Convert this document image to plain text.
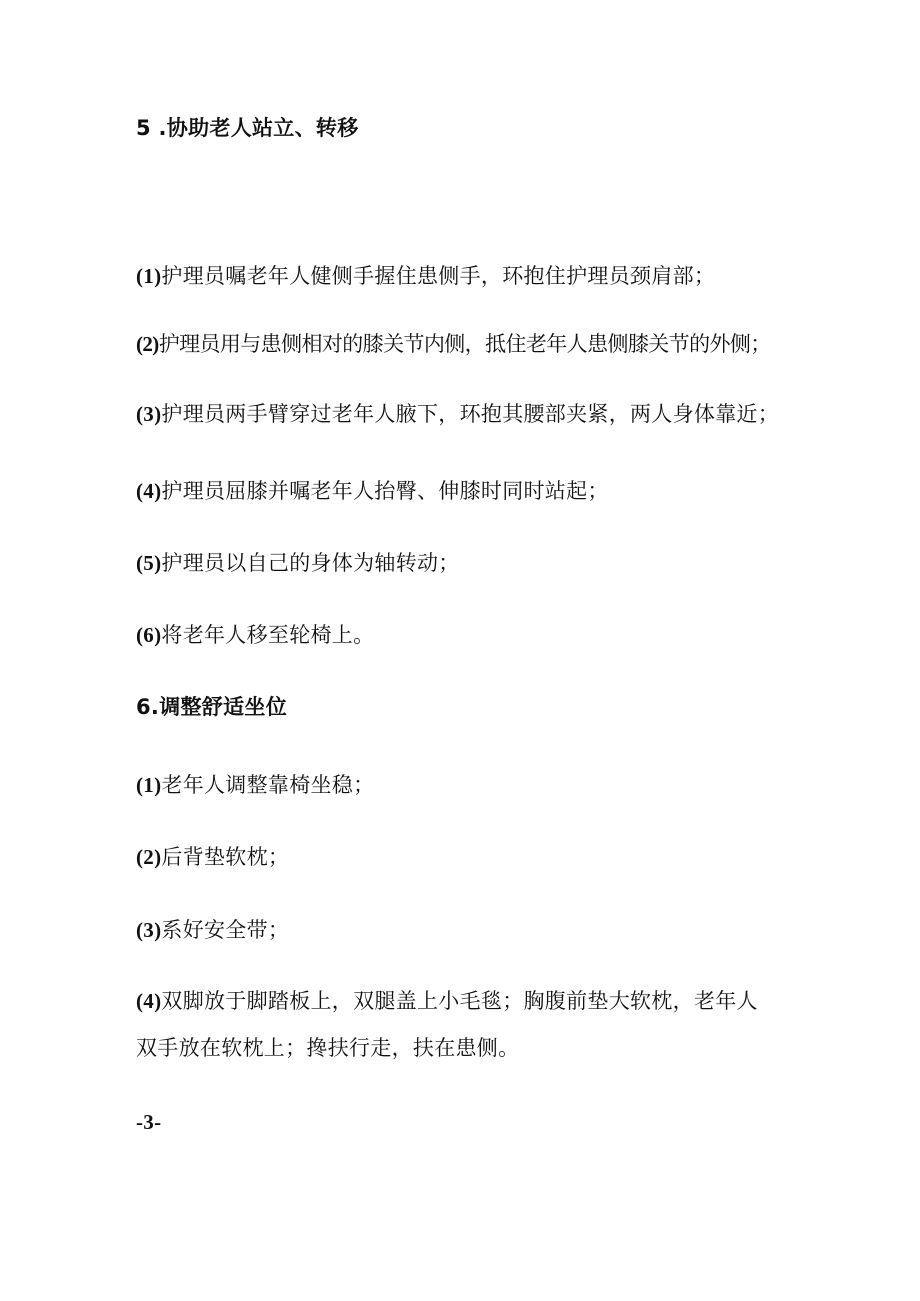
5 .协助老人站立、转移

(1)护理员嘱老年人健侧手握住患侧手，环抱住护理员颈肩部；

(2)护理员用与患侧相对的膝关节内侧，抵住老年人患侧膝关节的外侧；

(3)护理员两手臂穿过老年人腋下，环抱其腰部夹紧，两人身体靠近；

(4)护理员屈膝并嘱老年人抬臀、伸膝时同时站起；

(5)护理员以自己的身体为轴转动；

(6)将老年人移至轮椅上。

6.调整舒适坐位

(1)老年人调整靠椅坐稳；

(2)后背垫软枕；

(3)系好安全带；

(4)双脚放于脚踏板上，双腿盖上小毛毯；胸腹前垫大软枕，老年人

双手放在软枕上；搀扶行走，扶在患侧。

-3-
